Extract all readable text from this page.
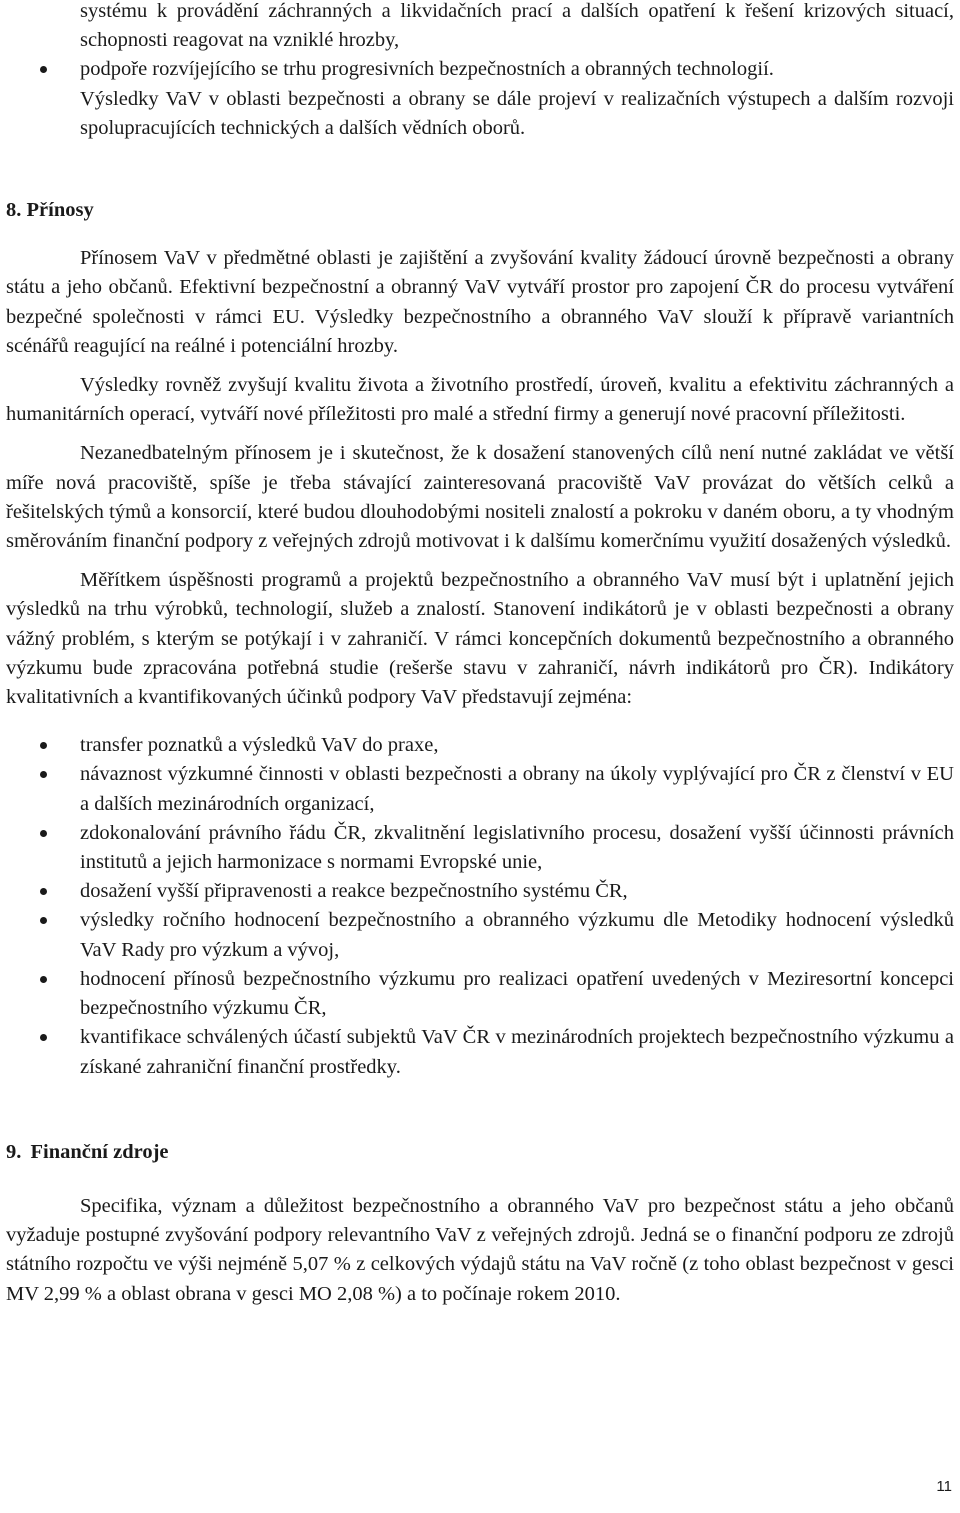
systému k provádění záchranných a likvidačních prací a dalších opatření k řešení krizových situací, schopnosti reagovat na vzniklé hrozby,

podpoře rozvíjejícího se trhu progresivních bezpečnostních a obranných technologií.

Výsledky VaV v oblasti bezpečnosti a obrany se dále projeví v realizačních výstupech a dalším rozvoji spolupracujících technických a dalších vědních oborů.

8. Přínosy

Přínosem VaV v předmětné oblasti je zajištění a zvyšování kvality žádoucí úrovně bezpečnosti a obrany státu a jeho občanů. Efektivní bezpečnostní a obranný VaV vytváří prostor pro zapojení ČR do procesu vytváření bezpečné společnosti v rámci EU. Výsledky bezpečnostního a obranného VaV slouží k přípravě variantních scénářů reagující na reálné i potenciální hrozby.

Výsledky rovněž zvyšují kvalitu života a životního prostředí, úroveň, kvalitu a efektivitu záchranných a humanitárních operací, vytváří nové příležitosti pro malé a střední firmy a generují nové pracovní příležitosti.

Nezanedbatelným přínosem je i skutečnost, že k dosažení stanovených cílů není nutné zakládat ve větší míře nová pracoviště, spíše je třeba stávající zainteresovaná pracoviště VaV provázat do větších celků a řešitelských týmů a konsorcií, které budou dlouhodobými nositeli znalostí a pokroku v daném oboru, a ty vhodným směrováním finanční podpory z veřejných zdrojů motivovat i k dalšímu komerčnímu využití dosažených výsledků.

Měřítkem úspěšnosti programů a projektů bezpečnostního a obranného VaV musí být i uplatnění jejich výsledků na trhu výrobků, technologií, služeb a znalostí. Stanovení indikátorů je v oblasti bezpečnosti a obrany vážný problém, s kterým se potýkají i v zahraničí. V rámci koncepčních dokumentů bezpečnostního a obranného výzkumu bude zpracována potřebná studie (rešerše stavu v zahraničí, návrh indikátorů pro ČR). Indikátory kvalitativních a kvantifikovaných účinků podpory VaV představují zejména:

transfer poznatků a výsledků VaV do praxe,
návaznost výzkumné činnosti v oblasti bezpečnosti a obrany na úkoly vyplývající pro ČR z členství v EU a dalších mezinárodních organizací,
zdokonalování právního řádu ČR, zkvalitnění legislativního procesu, dosažení vyšší účinnosti právních institutů a jejich harmonizace s normami Evropské unie,
dosažení vyšší připravenosti a reakce bezpečnostního systému ČR,
výsledky ročního hodnocení bezpečnostního a obranného výzkumu dle Metodiky hodnocení výsledků VaV Rady pro výzkum a vývoj,
hodnocení přínosů bezpečnostního výzkumu pro realizaci opatření uvedených v Meziresortní koncepci bezpečnostního výzkumu ČR,
kvantifikace schválených účastí subjektů VaV ČR v mezinárodních projektech bezpečnostního výzkumu a získané zahraniční finanční prostředky.
9. Finanční zdroje

Specifika, význam a důležitost bezpečnostního a obranného VaV pro bezpečnost státu a jeho občanů vyžaduje postupné zvyšování podpory relevantního VaV z veřejných zdrojů. Jedná se o finanční podporu ze zdrojů státního rozpočtu ve výši nejméně 5,07 % z celkových výdajů státu na VaV ročně (z toho oblast bezpečnost v gesci MV 2,99 % a oblast obrana v gesci MO 2,08 %) a to počínaje rokem 2010.

11
